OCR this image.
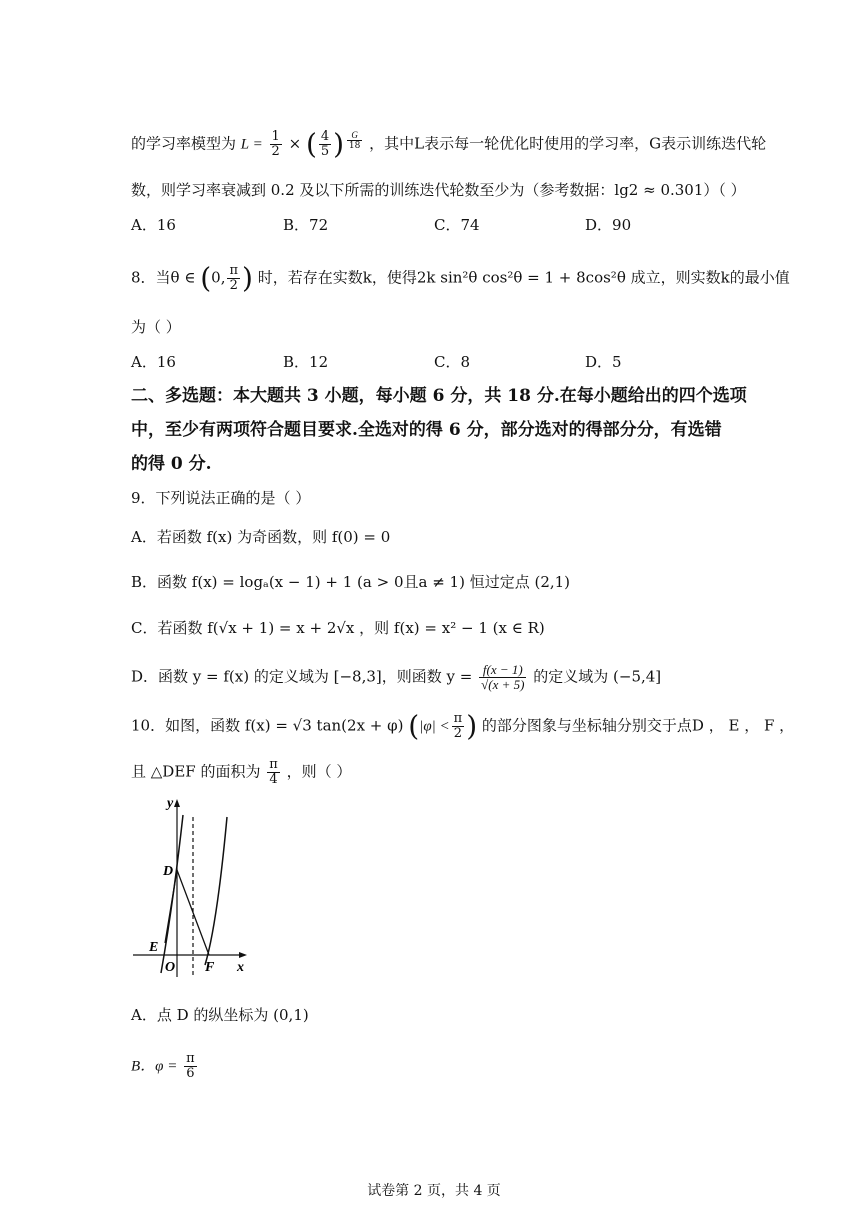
的学习率模型为 $L = \frac{1}{2}$ × ( $\frac{4}{5}$ ) $\frac{G}{18}$ ，其中L表示每一轮优化时使用的学习率，G表示训练迭代轮
数，则学习率衰减到 0.2 及以下所需的训练迭代轮数至少为（参考数据：lg2 ≈ 0.301）（ ）
A．16	B．72	C．74	D．90
8．当θ ∈ (0, $\frac{\pi}{2}$ ) 时，若存在实数k，使得2k sin²θ cos²θ = 1 + 8cos²θ 成立，则实数k的最小值
为（ ）
A．16	B．12	C．8	D．5
二、多选题：本大题共 3 小题，每小题 6 分，共 18 分.在每小题给出的四个选项
中，至少有两项符合题目要求.全选对的得 6 分，部分选对的得部分分，有选错
的得 0 分.
9．下列说法正确的是（ ）
A．若函数 f(x) 为奇函数，则 f(0) = 0
B．函数 f(x) = logₐ(x − 1) + 1 (a > 0且a ≠ 1) 恒过定点 (2,1)
C．若函数 f(√x + 1) = x + 2√x ，则 f(x) = x² − 1 (x ∈ R)
D．函数 y = f(x) 的定义域为 [−8,3]，则函数 $y = \frac{f(x - 1)}{√(x + 5)}$ 的定义域为 (−5,4]
10．如图，函数 f(x) = √3 tan(2x + φ) ($|\varphi| < \frac{\pi}{2}$ ) 的部分图象与坐标轴分别交于点D ， E ， F ，
且 △DEF 的面积为 $\frac{\pi}{4}$ ，则（ ）
y
x
D
E
O F
A．点 D 的纵坐标为 (0,1)
B．$\varphi = \frac{\pi}{6}$
试卷第 2 页，共 4 页
